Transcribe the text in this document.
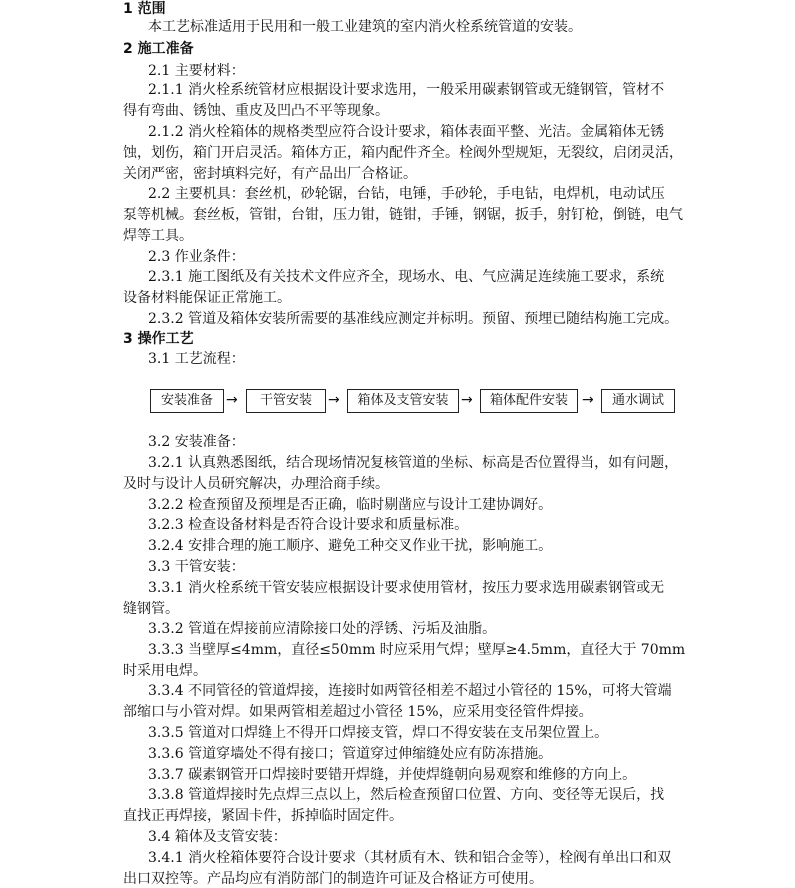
1 范围
本工艺标准适用于民用和一般工业建筑的室内消火栓系统管道的安装。
2 施工准备
2.1 主要材料：
2.1.1 消火栓系统管材应根据设计要求选用，一般采用碳素钢管或无缝钢管，管材不
得有弯曲、锈蚀、重皮及凹凸不平等现象。
2.1.2 消火栓箱体的规格类型应符合设计要求，箱体表面平整、光洁。金属箱体无锈
蚀，划伤，箱门开启灵活。箱体方正，箱内配件齐全。栓阀外型规矩，无裂纹，启闭灵活，
关闭严密，密封填料完好，有产品出厂合格证。
2.2 主要机具：套丝机，砂轮锯，台钻，电锤，手砂轮，手电钻，电焊机，电动试压
泵等机械。套丝板，管钳，台钳，压力钳，链钳，手锤，钢锯，扳手，射钉枪，倒链，电气
焊等工具。
2.3 作业条件：
2.3.1 施工图纸及有关技术文件应齐全，现场水、电、气应满足连续施工要求，系统
设备材料能保证正常施工。
2.3.2 管道及箱体安装所需要的基准线应测定并标明。预留、预埋已随结构施工完成。
3 操作工艺
3.1 工艺流程：
安装准备 →	干管安装	→	箱体及支管安装 →	箱体配件安装	→	通水调试
3.2 安装准备：
3.2.1 认真熟悉图纸，结合现场情况复核管道的坐标、标高是否位置得当，如有问题，
及时与设计人员研究解决，办理洽商手续。
3.2.2 检查预留及预埋是否正确，临时剔凿应与设计工建协调好。
3.2.3 检查设备材料是否符合设计要求和质量标准。
3.2.4 安排合理的施工顺序、避免工种交叉作业干扰，影响施工。
3.3 干管安装：
3.3.1 消火栓系统干管安装应根据设计要求使用管材，按压力要求选用碳素钢管或无
缝钢管。
3.3.2 管道在焊接前应清除接口处的浮锈、污垢及油脂。
3.3.3 当壁厚≤4mm，直径≤50mm 时应采用气焊；壁厚≥4.5mm，直径大于 70mm
时采用电焊。
3.3.4 不同管径的管道焊接，连接时如两管径相差不超过小管径的 15%，可将大管端
部缩口与小管对焊。如果两管相差超过小管径 15%，应采用变径管件焊接。
3.3.5 管道对口焊缝上不得开口焊接支管，焊口不得安装在支吊架位置上。
3.3.6 管道穿墙处不得有接口；管道穿过伸缩缝处应有防冻措施。
3.3.7 碳素钢管开口焊接时要错开焊缝，并使焊缝朝向易观察和维修的方向上。
3.3.8 管道焊接时先点焊三点以上，然后检查预留口位置、方向、变径等无误后，找
直找正再焊接，紧固卡件，拆掉临时固定件。
3.4 箱体及支管安装：
3.4.1 消火栓箱体要符合设计要求（其材质有木、铁和铝合金等），栓阀有单出口和双
出口双控等。产品均应有消防部门的制造许可证及合格证方可使用。
